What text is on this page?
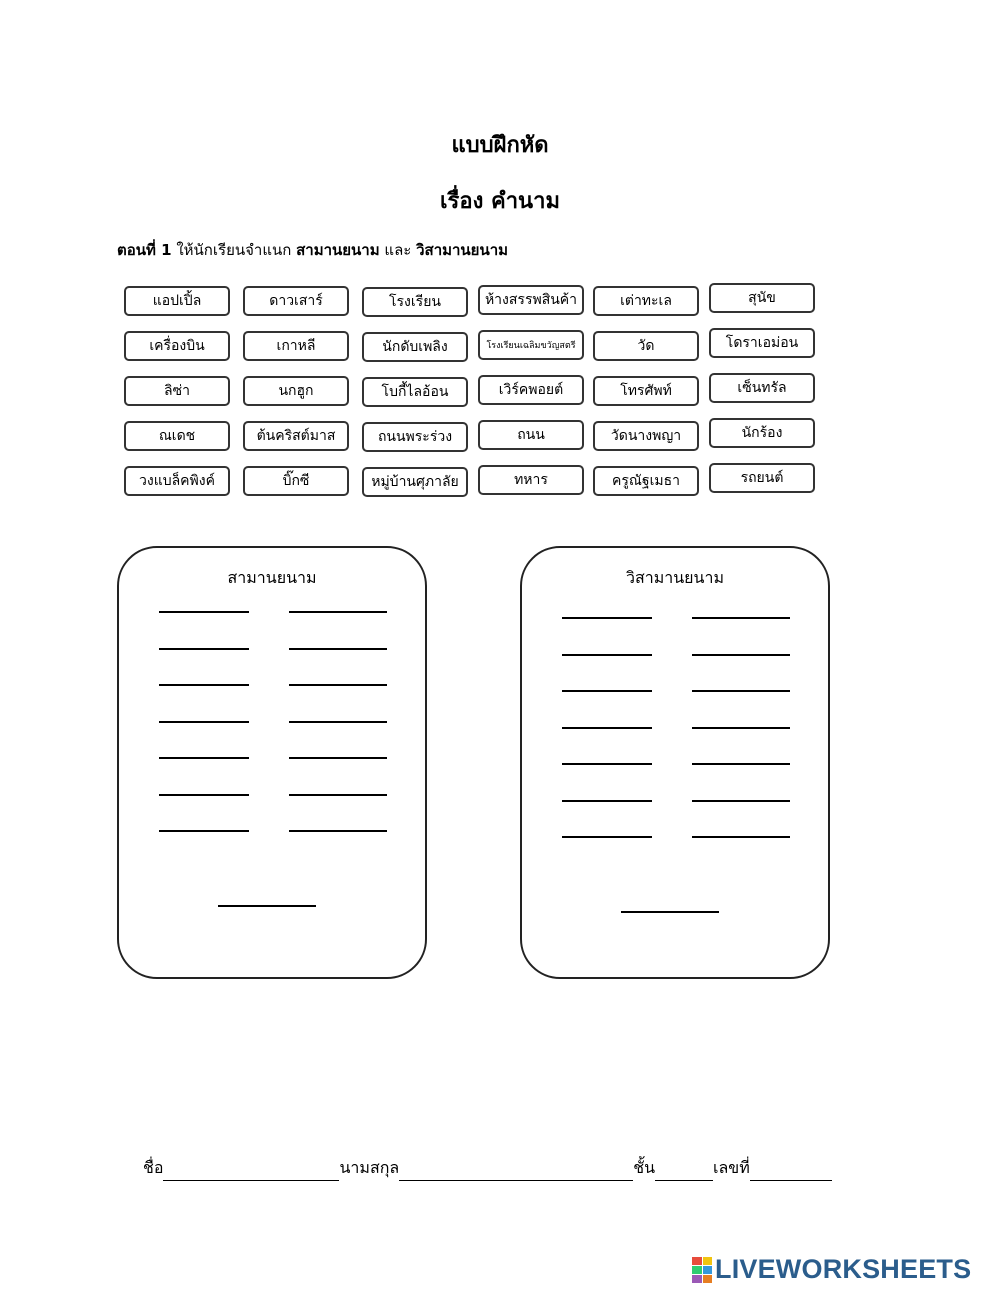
แบบฝึกหัด
เรื่อง คำนาม
ตอนที่ 1 ให้นักเรียนจำแนก สามานยนาม และ วิสามานยนาม
แอปเปิ้ล	ดาวเสาร์	โรงเรียน	ห้างสรรพสินค้า	เต่าทะเล	สุนัข
เครื่องบิน	เกาหลี	นักดับเพลิง	โรงเรียนเฉลิมขวัญสตรี	วัด	โดราเอม่อน
ลิซ่า	นกฮูก	โบกี้ไลอ้อน	เวิร์คพอยต์	โทรศัพท์	เซ็นทรัล
ณเดช	ต้นคริสต์มาส	ถนนพระร่วง	ถนน	วัดนางพญา	นักร้อง
วงแบล็คพิงค์	บิ๊กซี	หมู่บ้านศุภาลัย	ทหาร	ครูณัฐเมธา	รถยนต์
สามานยนาม	วิสามานยนาม
ชื่อ	นามสกุล	ชั้น	เลขที่
LIVEWORKSHEETS
